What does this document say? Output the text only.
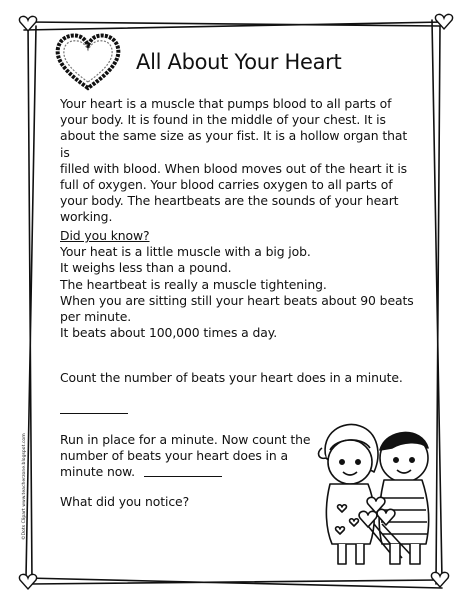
All About Your Heart
Your heart is a muscle that pumps blood to all parts of
your body. It is found in the middle of your chest. It is
about the same size as your fist. It is a hollow organ that is
filled with blood. When blood moves out of the heart it is
full of oxygen. Your blood carries oxygen to all parts of
your body. The heartbeats are the sounds of your heart
working.
Did you know?
Your heat is a little muscle with a big job.
It weighs less than a pound.
The heartbeat is really a muscle tightening.
When you are sitting still your heart beats about 90 beats
per minute.
It beats about 100,000 times a day.
Count the number of beats your heart does in a minute.
Run in place for a minute. Now count the
number of beats your heart does in a
minute now.
What did you notice?
©Dots Clipart www.teacherzone.blogspot.com
